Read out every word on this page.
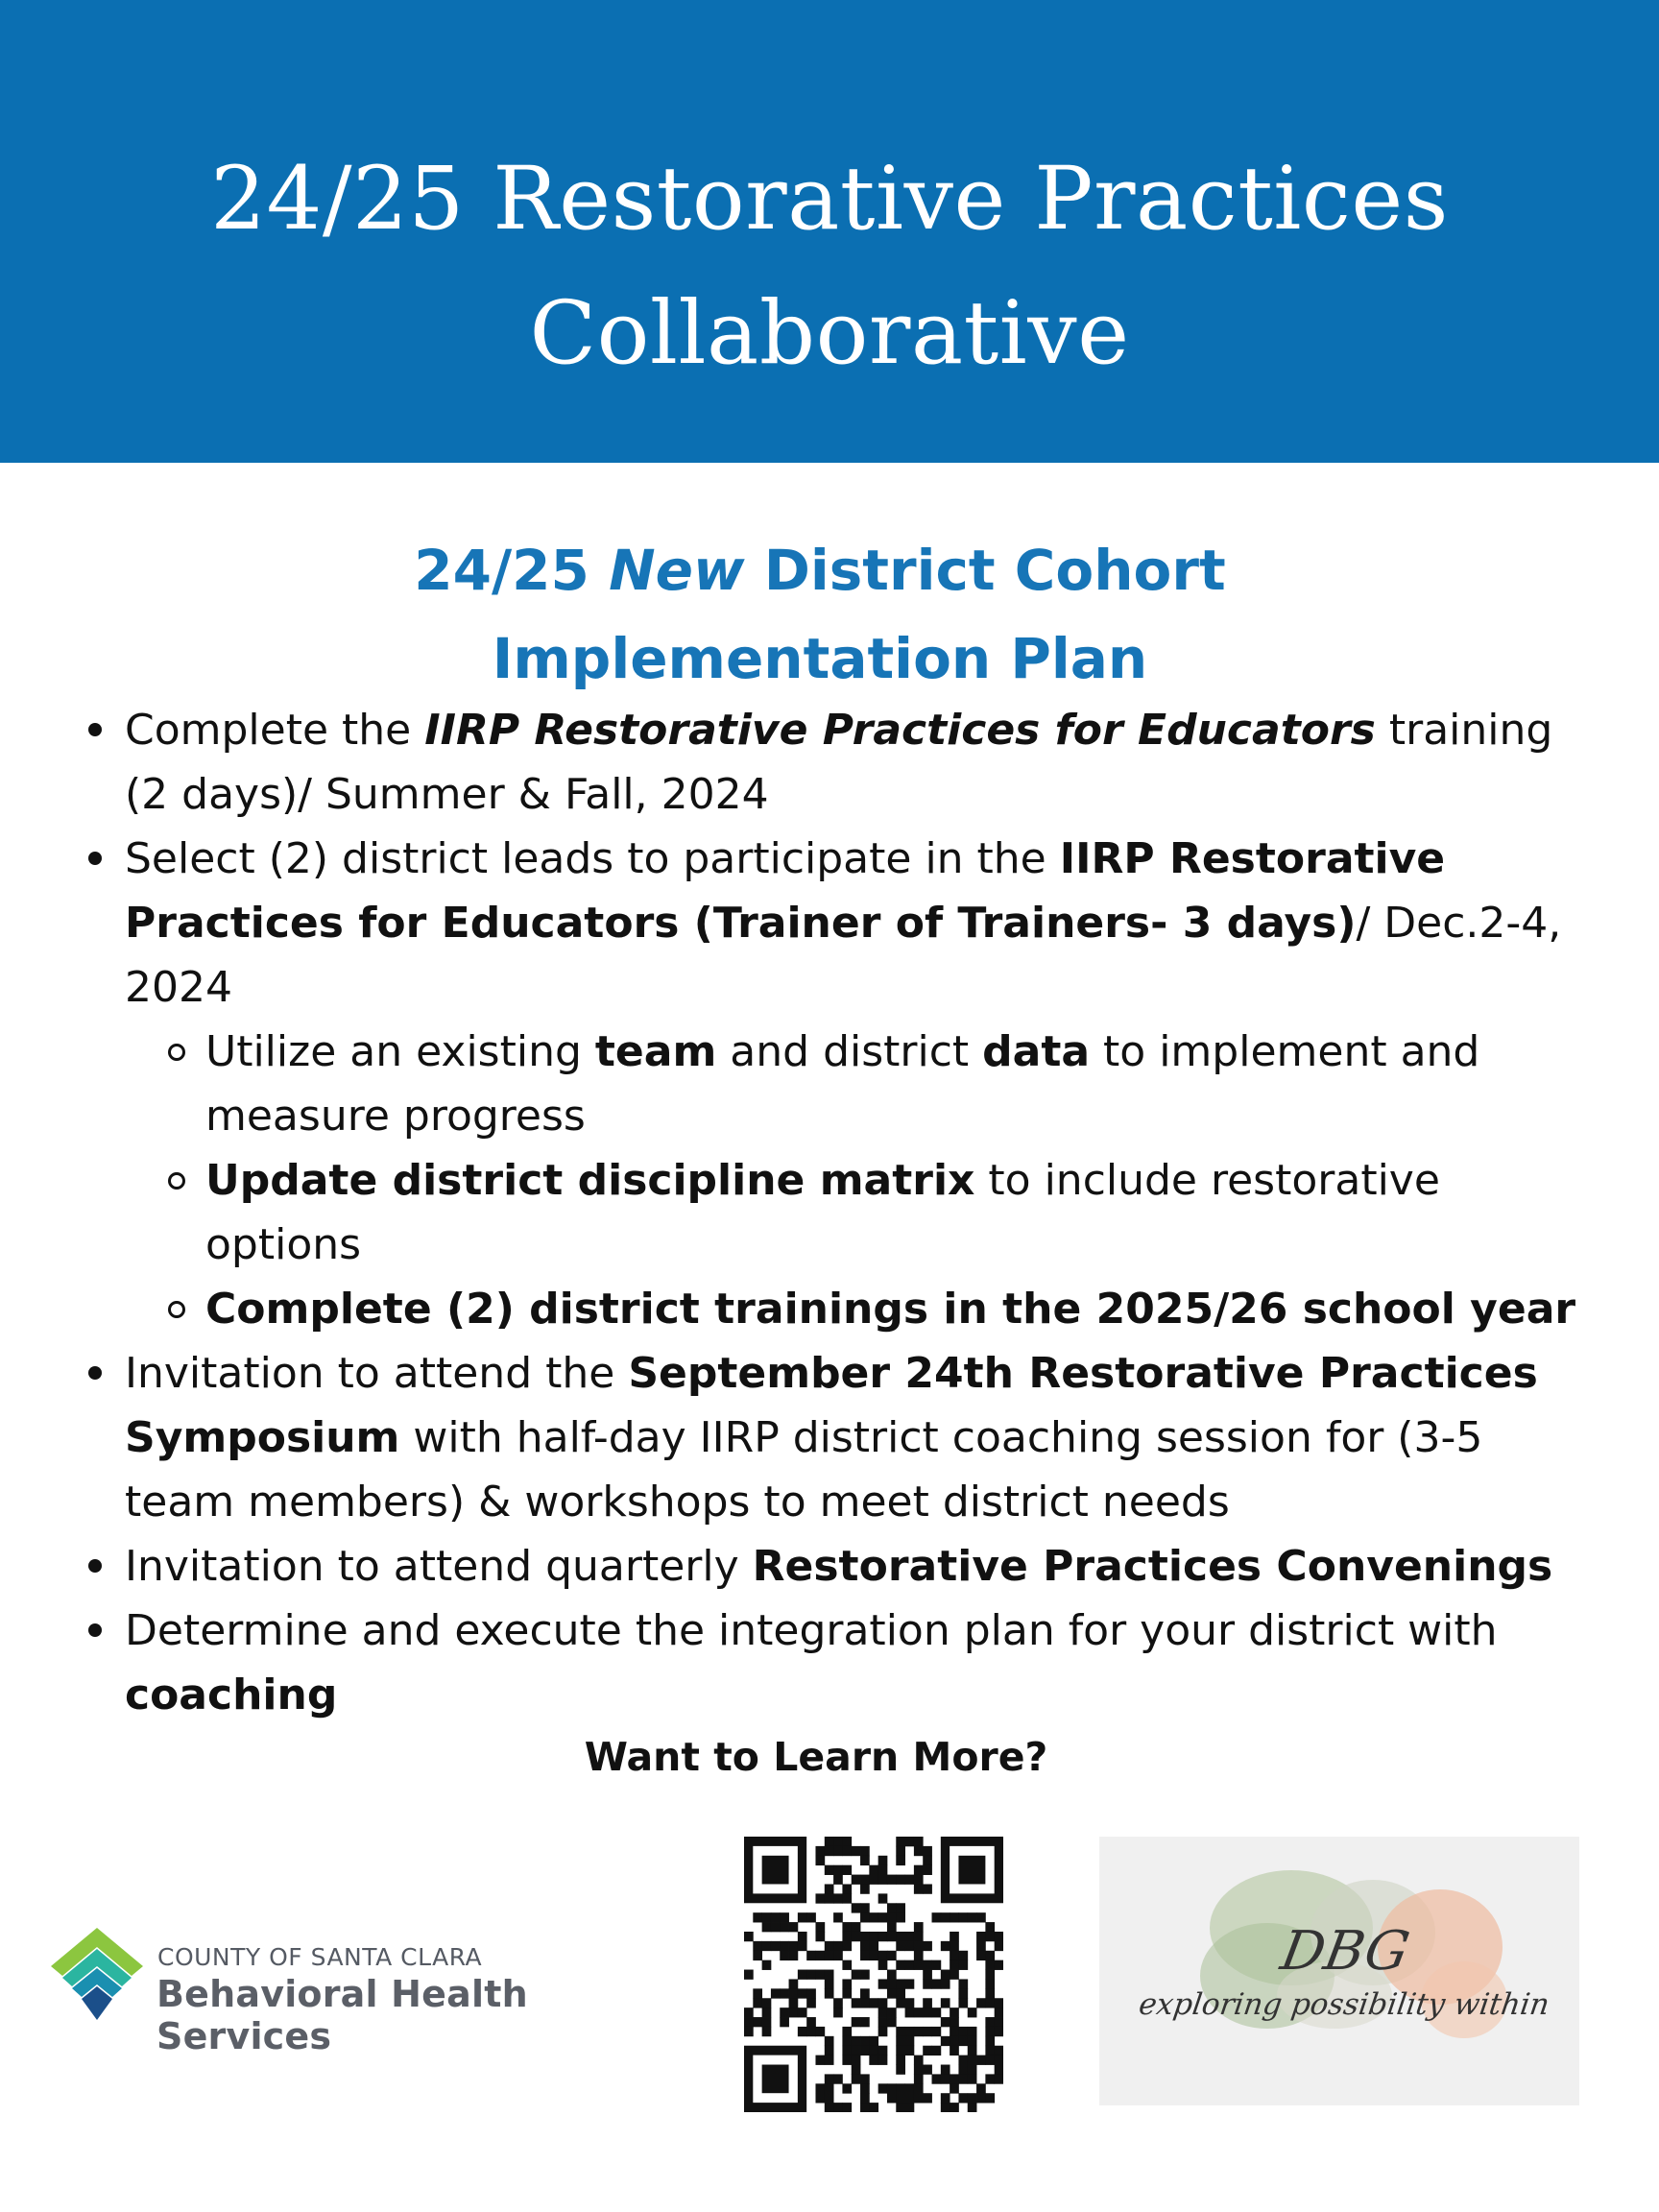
24/25 Restorative Practices
Collaborative
24/25 New District Cohort
Implementation Plan
Complete the IIRP Restorative Practices for Educators training
(2 days)/ Summer & Fall, 2024
Select (2) district leads to participate in the IIRP Restorative Practices for Educators (Trainer of Trainers- 3 days)/ Dec.2-4, 2024
Utilize an existing team and district data to implement and measure progress
Update district discipline matrix to include restorative options
Complete (2) district trainings in the 2025/26 school year
Invitation to attend the September 24th Restorative Practices Symposium with half-day IIRP district coaching session for (3-5 team members) & workshops to meet district needs
Invitation to attend quarterly Restorative Practices Convenings
Determine and execute the integration plan for your district with coaching
Want to Learn More?
COUNTY OF SANTA CLARA
Behavioral Health Services
DBG
exploring possibility within
